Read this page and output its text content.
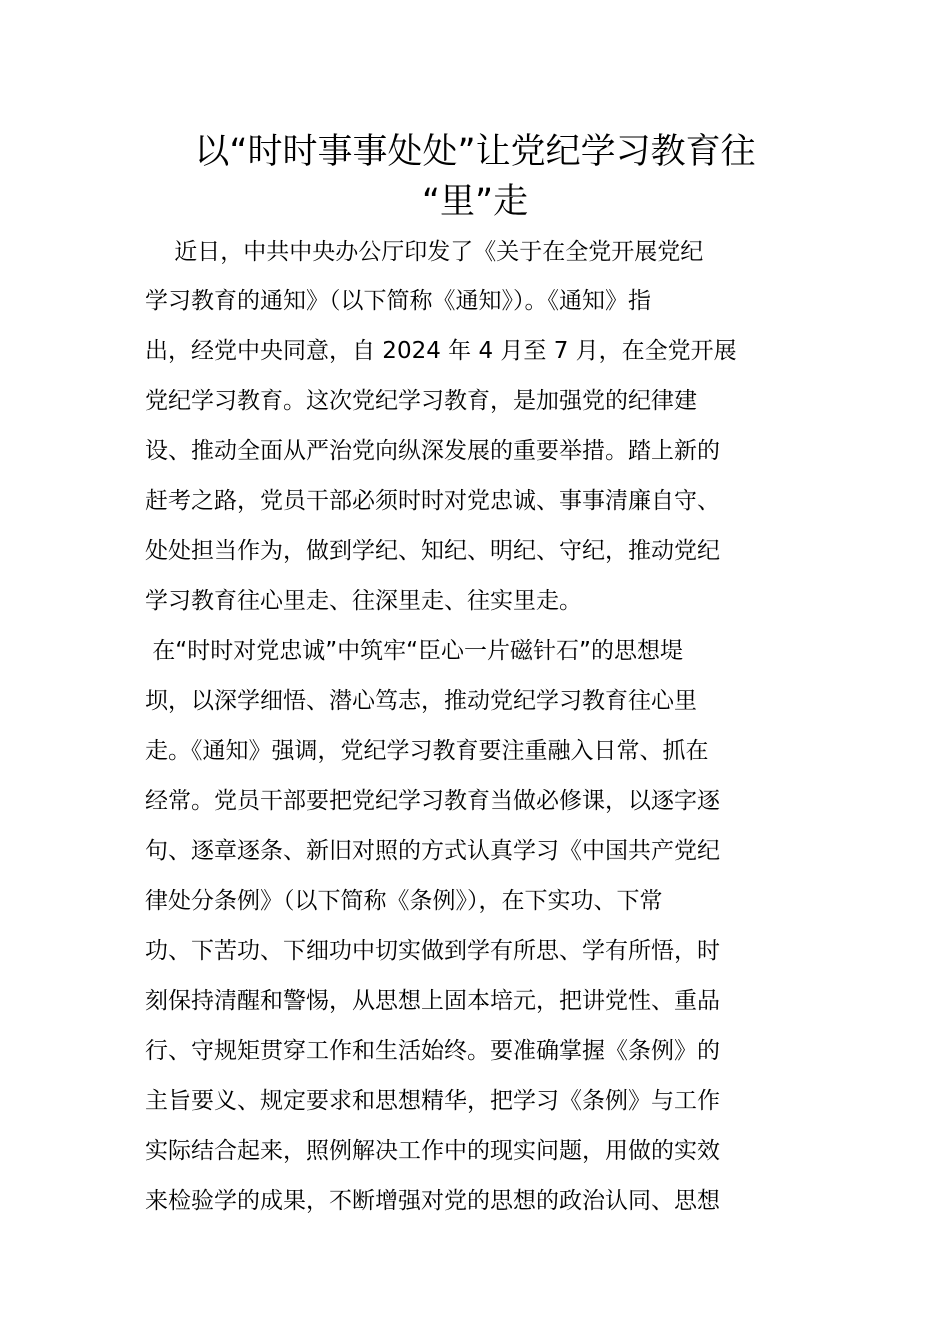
以“时时事事处处”让党纪学习教育往
“里”走

近日，中共中央办公厅印发了《关于在全党开展党纪

学习教育的通知》（以下简称《通知》）。《通知》指

出，经党中央同意，自 2024 年 4 月至 7 月，在全党开展

党纪学习教育。这次党纪学习教育，是加强党的纪律建

设、推动全面从严治党向纵深发展的重要举措。踏上新的

赶考之路，党员干部必须时时对党忠诚、事事清廉自守、

处处担当作为，做到学纪、知纪、明纪、守纪，推动党纪

学习教育往心里走、往深里走、往实里走。

在“时时对党忠诚”中筑牢“臣心一片磁针石”的思想堤

坝，以深学细悟、潜心笃志，推动党纪学习教育往心里

走。《通知》强调，党纪学习教育要注重融入日常、抓在

经常。党员干部要把党纪学习教育当做必修课，以逐字逐

句、逐章逐条、新旧对照的方式认真学习《中国共产党纪

律处分条例》（以下简称《条例》），在下实功、下常

功、下苦功、下细功中切实做到学有所思、学有所悟，时

刻保持清醒和警惕，从思想上固本培元，把讲党性、重品

行、守规矩贯穿工作和生活始终。要准确掌握《条例》的

主旨要义、规定要求和思想精华，把学习《条例》与工作

实际结合起来，照例解决工作中的现实问题，用做的实效

来检验学的成果，不断增强对党的思想的政治认同、思想
